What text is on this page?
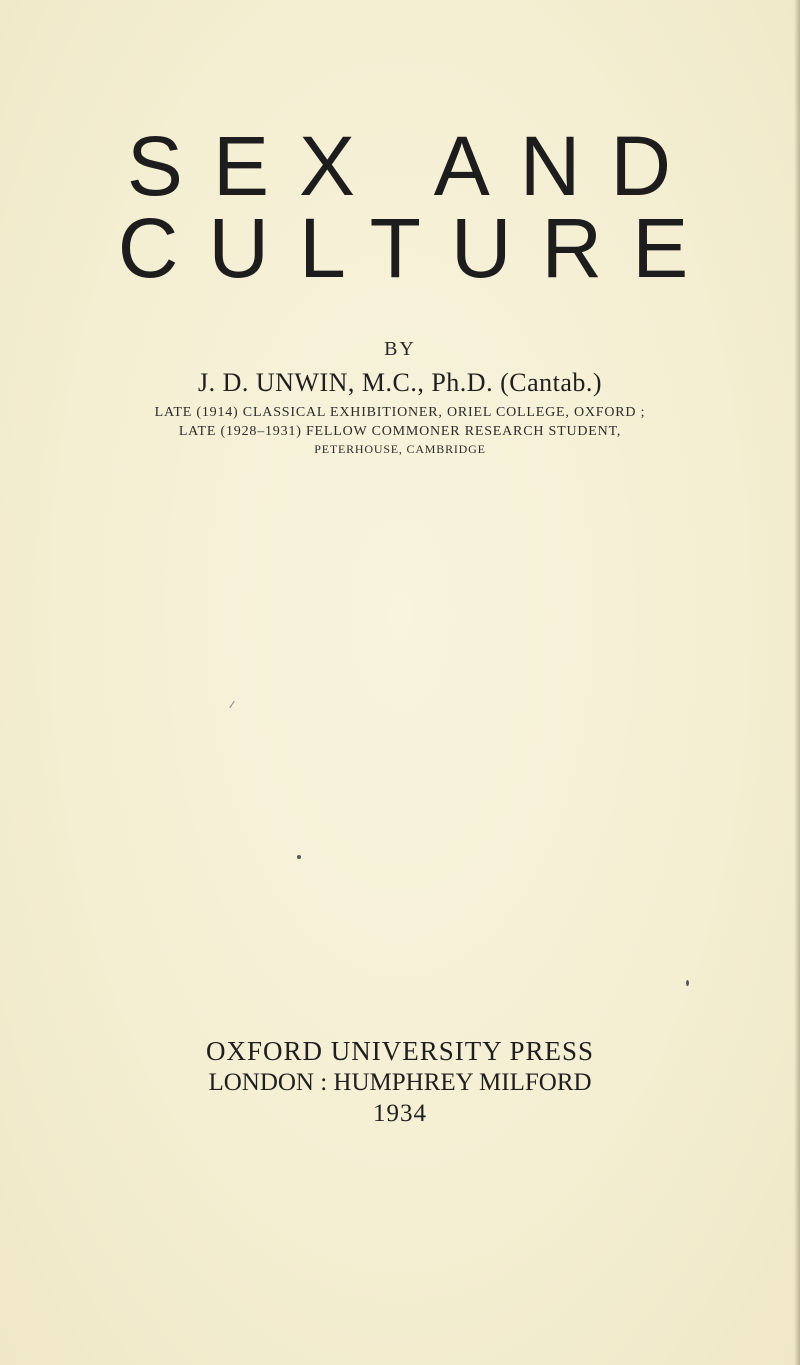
SEX AND
CULTURE
BY
J. D. UNWIN, M.C., Ph.D. (Cantab.)
LATE (1914) CLASSICAL EXHIBITIONER, ORIEL COLLEGE, OXFORD ;
LATE (1928–1931) FELLOW COMMONER RESEARCH STUDENT,
PETERHOUSE, CAMBRIDGE
OXFORD UNIVERSITY PRESS
LONDON : HUMPHREY MILFORD
1934
